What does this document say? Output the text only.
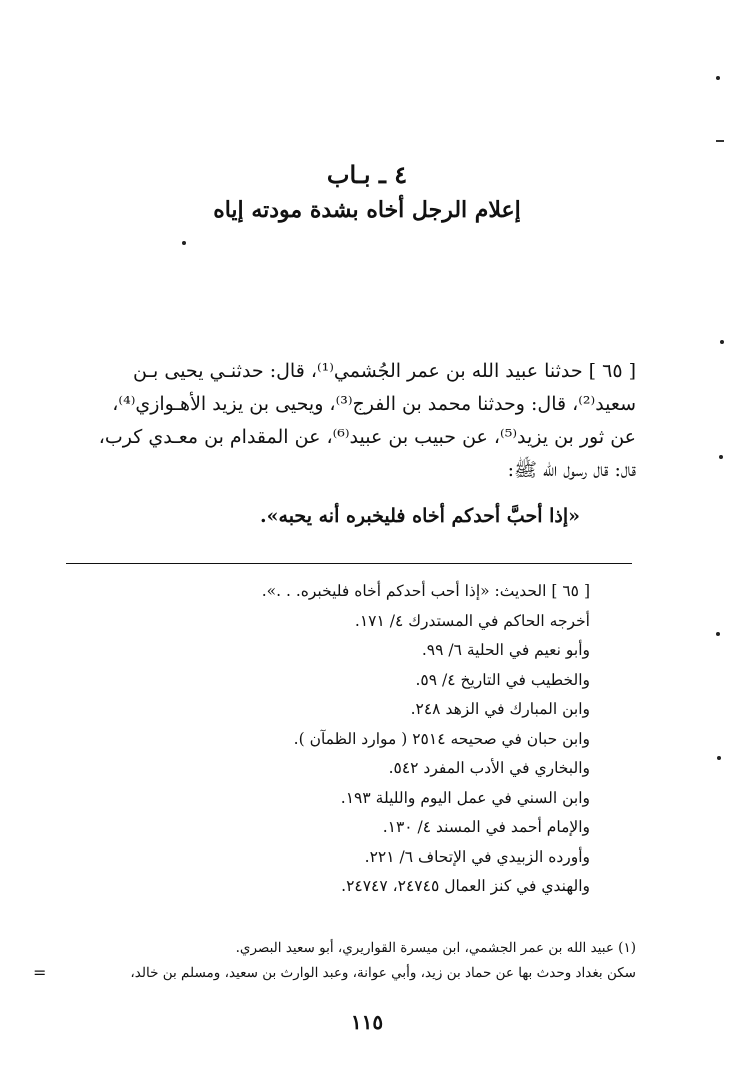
٤ ـ بـاب
إعلام الرجل أخاه بشدة مودته إياه
[ ٦٥ ] حدثنا عبيد الله بن عمر الجُشمي⁽¹⁾، قال: حدثنـي يحيى بـن
سعيد⁽²⁾، قال: وحدثنا محمد بن الفرج⁽³⁾، ويحيى بن يزيد الأهـوازي⁽⁴⁾،
عن ثور بن يزيد⁽⁵⁾، عن حبيب بن عبيد⁽⁶⁾، عن المقدام بن معـدي كرب،
قال: قال رسول الله ﷺ:
«إذا أحبَّ أحدكم أخاه فليخبره أنه يحبه».
[ ٦٥ ] الحديث: «إذا أحب أحدكم أخاه فليخبره. . .».
أخرجه الحاكم في المستدرك ٤/ ١٧١.
وأبو نعيم في الحلية ٦/ ٩٩.
والخطيب في التاريخ ٤/ ٥٩.
وابن المبارك في الزهد ٢٤٨.
وابن حبان في صحيحه ٢٥١٤ ( موارد الظمآن ).
والبخاري في الأدب المفرد ٥٤٢.
وابن السني في عمل اليوم والليلة ١٩٣.
والإمام أحمد في المسند ٤/ ١٣٠.
وأورده الزبيدي في الإتحاف ٦/ ٢٢١.
والهندي في كنز العمال ٢٤٧٤٥، ٢٤٧٤٧.
(١) عبيد الله بن عمر الجشمي، ابن ميسرة القواريري، أبو سعيد البصري.
سكن بغداد وحدث بها عن حماد بن زيد، وأبي عوانة، وعبد الوارث بن سعيد، ومسلم بن خالد،
=
١١٥
